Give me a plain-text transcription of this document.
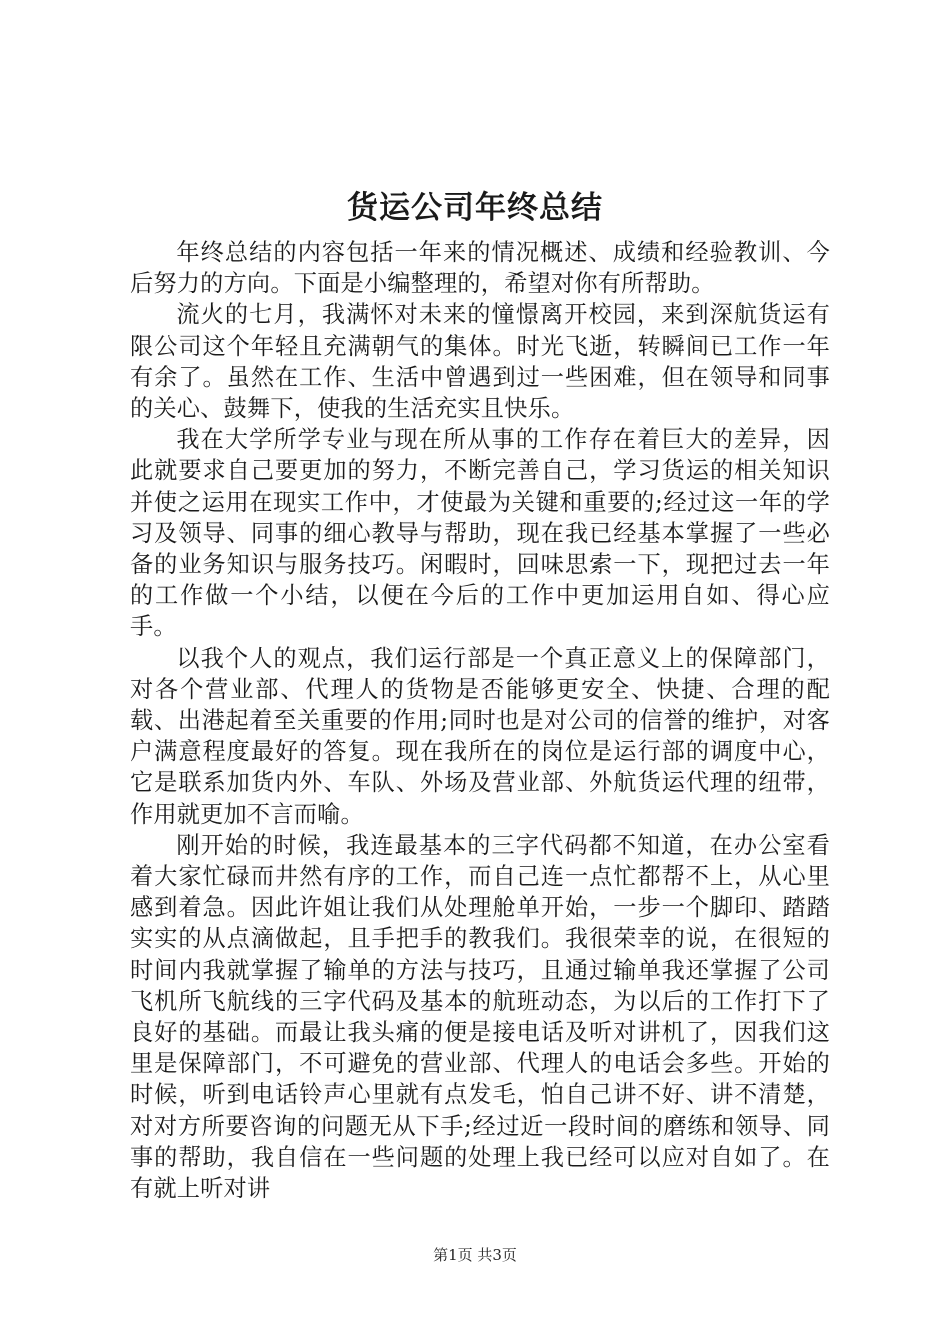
货运公司年终总结

年终总结的内容包括一年来的情况概述、成绩和经验教训、今后努力的方向。下面是小编整理的，希望对你有所帮助。

流火的七月，我满怀对未来的憧憬离开校园，来到深航货运有限公司这个年轻且充满朝气的集体。时光飞逝，转瞬间已工作一年有余了。虽然在工作、生活中曾遇到过一些困难，但在领导和同事的关心、鼓舞下，使我的生活充实且快乐。

我在大学所学专业与现在所从事的工作存在着巨大的差异，因此就要求自己要更加的努力，不断完善自己，学习货运的相关知识并使之运用在现实工作中，才使最为关键和重要的;经过这一年的学习及领导、同事的细心教导与帮助，现在我已经基本掌握了一些必备的业务知识与服务技巧。闲暇时，回味思索一下，现把过去一年的工作做一个小结，以便在今后的工作中更加运用自如、得心应手。

以我个人的观点，我们运行部是一个真正意义上的保障部门，对各个营业部、代理人的货物是否能够更安全、快捷、合理的配载、出港起着至关重要的作用;同时也是对公司的信誉的维护，对客户满意程度最好的答复。现在我所在的岗位是运行部的调度中心，它是联系加货内外、车队、外场及营业部、外航货运代理的纽带，作用就更加不言而喻。

刚开始的时候，我连最基本的三字代码都不知道，在办公室看着大家忙碌而井然有序的工作，而自己连一点忙都帮不上，从心里感到着急。因此许姐让我们从处理舱单开始，一步一个脚印、踏踏实实的从点滴做起，且手把手的教我们。我很荣幸的说，在很短的时间内我就掌握了输单的方法与技巧，且通过输单我还掌握了公司飞机所飞航线的三字代码及基本的航班动态，为以后的工作打下了良好的基础。而最让我头痛的便是接电话及听对讲机了，因我们这里是保障部门，不可避免的营业部、代理人的电话会多些。开始的时候，听到电话铃声心里就有点发毛，怕自己讲不好、讲不清楚，对对方所要咨询的问题无从下手;经过近一段时间的磨练和领导、同事的帮助，我自信在一些问题的处理上我已经可以应对自如了。在有就上听对讲

第1页 共3页
